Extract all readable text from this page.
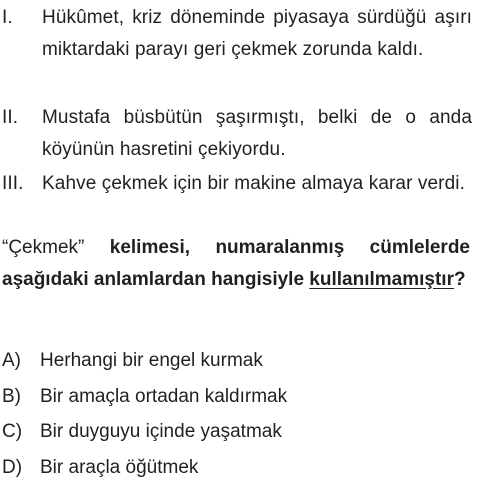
I. Hükûmet, kriz döneminde piyasaya sürdüğü aşırı miktardaki parayı geri çekmek zorunda kaldı.
II. Mustafa büsbütün şaşırmıştı, belki de o anda köyünün hasretini çekiyordu.
III. Kahve çekmek için bir makine almaya karar verdi.
“Çekmek” kelimesi, numaralanmış cümlelerde aşağıdaki anlamlardan hangisiyle kullanılmamıştır?
A) Herhangi bir engel kurmak
B) Bir amaçla ortadan kaldırmak
C) Bir duyguyu içinde yaşatmak
D) Bir araçla öğütmek
